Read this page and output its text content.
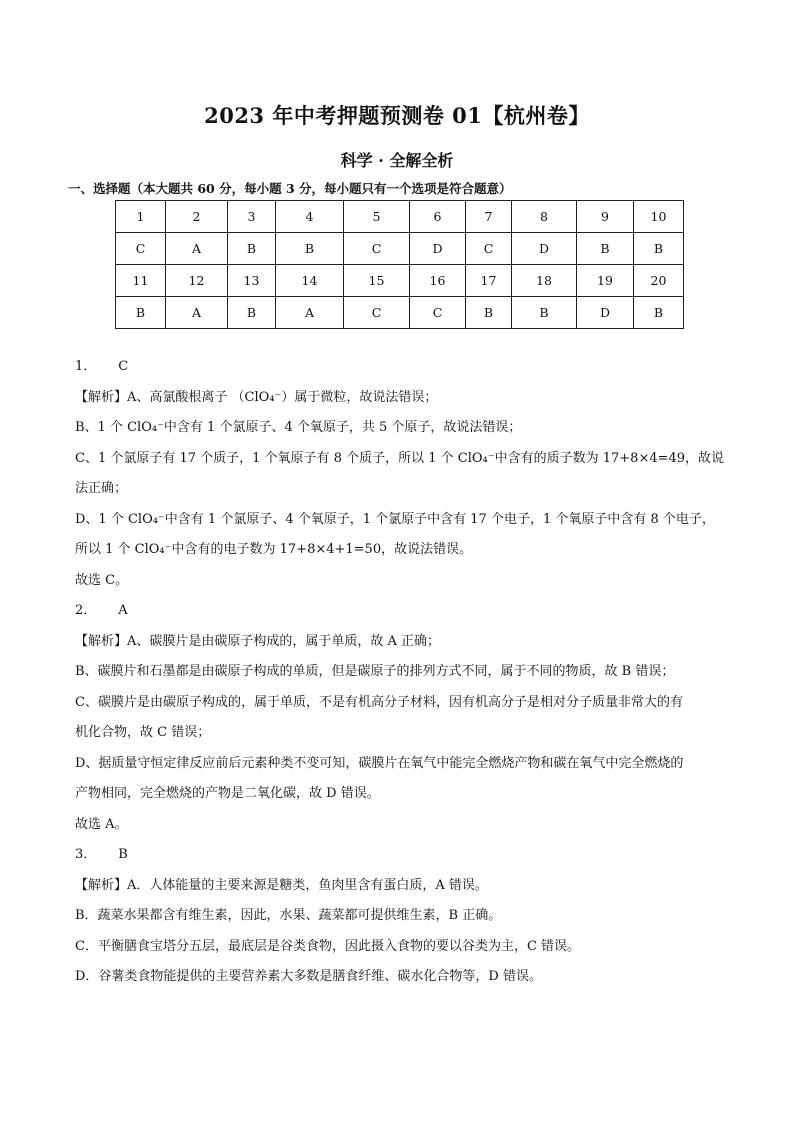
2023 年中考押题预测卷 01【杭州卷】
科学 · 全解全析
一、选择题（本大题共 60 分，每小题 3 分，每小题只有一个选项是符合题意）
1	2	3	4	5	6	7	8	9	10
C	A	B	B	C	D	C	D	B	B
11	12	13	14	15	16	17	18	19	20
B	A	B	A	C	C	B	B	D	B

1． C

【解析】A、高氯酸根离子 （ClO₄⁻）属于微粒，故说法错误；

B、1 个 ClO₄⁻中含有 1 个氯原子、4 个氧原子，共 5 个原子，故说法错误；

C、1 个氯原子有 17 个质子，1 个氧原子有 8 个质子，所以 1 个 ClO₄⁻中含有的质子数为 17+8×4=49，故说

法正确；

D、1 个 ClO₄⁻中含有 1 个氯原子、4 个氧原子，1 个氯原子中含有 17 个电子，1 个氧原子中含有 8 个电子，

所以 1 个 ClO₄⁻中含有的电子数为 17+8×4+1=50，故说法错误。

故选 C。

2． A

【解析】A、碳膜片是由碳原子构成的，属于单质，故 A 正确；

B、碳膜片和石墨都是由碳原子构成的单质，但是碳原子的排列方式不同，属于不同的物质，故 B 错误；

C、碳膜片是由碳原子构成的，属于单质，不是有机高分子材料，因有机高分子是相对分子质量非常大的有

机化合物，故 C 错误；

D、据质量守恒定律反应前后元素种类不变可知，碳膜片在氧气中能完全燃烧产物和碳在氧气中完全燃烧的

产物相同，完全燃烧的产物是二氧化碳，故 D 错误。

故选 A。

3． B

【解析】A．人体能量的主要来源是糖类，鱼肉里含有蛋白质，A 错误。

B．蔬菜水果都含有维生素，因此，水果、蔬菜都可提供维生素，B 正确。

C．平衡膳食宝塔分五层，最底层是谷类食物，因此摄入食物的要以谷类为主，C 错误。

D．谷薯类食物能提供的主要营养素大多数是膳食纤维、碳水化合物等，D 错误。
